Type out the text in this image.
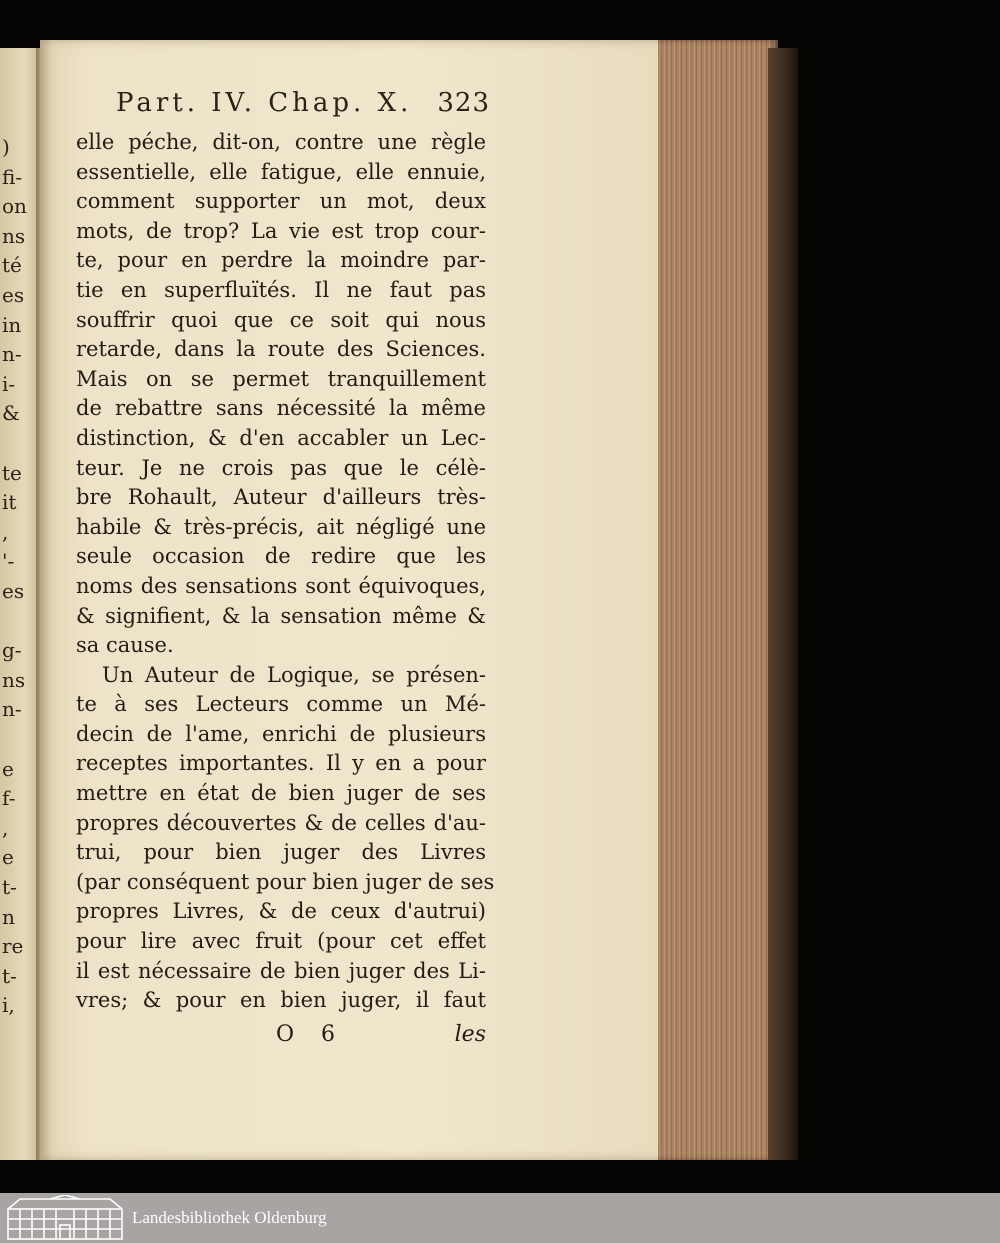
)
fi-
on
ns
té
es
in
n-
i-
&
te
it
,
'-
es
g-
ns
n-
e
f-
,
e
t-
n
re
t-
i,
Part. IV. Chap. X. 323
elle péche, dit-on, contre une règle
essentielle, elle fatigue, elle ennuie,
comment supporter un mot, deux
mots, de trop? La vie est trop cour-
te, pour en perdre la moindre par-
tie en superfluïtés. Il ne faut pas
souffrir quoi que ce soit qui nous
retarde, dans la route des Sciences.
Mais on se permet tranquillement
de rebattre sans nécessité la même
distinction, & d'en accabler un Lec-
teur. Je ne crois pas que le célè-
bre Rohault, Auteur d'ailleurs très-
habile & très-précis, ait négligé une
seule occasion de redire que les
noms des sensations sont équivoques,
& signifient, & la sensation même &
sa cause.
Un Auteur de Logique, se présen-
te à ses Lecteurs comme un Mé-
decin de l'ame, enrichi de plusieurs
receptes importantes. Il y en a pour
mettre en état de bien juger de ses
propres découvertes & de celles d'au-
trui, pour bien juger des Livres
(par conséquent pour bien juger de ses
propres Livres, & de ceux d'autrui)
pour lire avec fruit (pour cet effet
il est nécessaire de bien juger des Li-
vres; & pour en bien juger, il faut
O 6	les
Landesbibliothek Oldenburg
